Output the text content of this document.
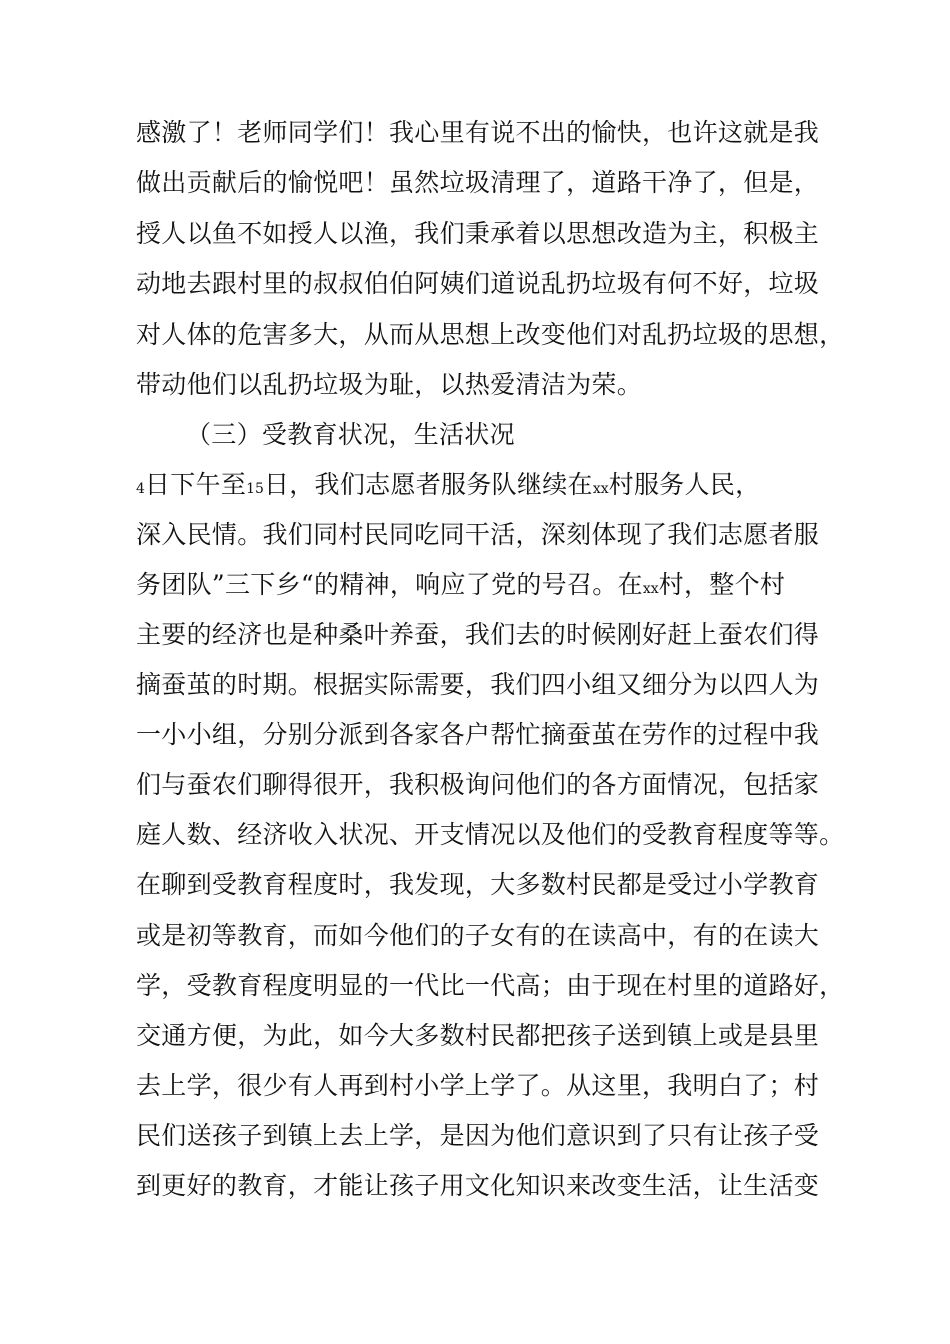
感激了！老师同学们！我心里有说不出的愉快，也许这就是我
做出贡献后的愉悦吧！虽然垃圾清理了，道路干净了，但是，
授人以鱼不如授人以渔，我们秉承着以思想改造为主，积极主
动地去跟村里的叔叔伯伯阿姨们道说乱扔垃圾有何不好，垃圾
对人体的危害多大，从而从思想上改变他们对乱扔垃圾的思想，
带动他们以乱扔垃圾为耻，以热爱清洁为荣。
（三）受教育状况，生活状况
4日下午至15日，我们志愿者服务队继续在xx村服务人民，
深入民情。我们同村民同吃同干活，深刻体现了我们志愿者服
务团队”三下乡“的精神，响应了党的号召。在xx村，整个村
主要的经济也是种桑叶养蚕，我们去的时候刚好赶上蚕农们得
摘蚕茧的时期。根据实际需要，我们四小组又细分为以四人为
一小小组，分别分派到各家各户帮忙摘蚕茧在劳作的过程中我
们与蚕农们聊得很开，我积极询问他们的各方面情况，包括家
庭人数、经济收入状况、开支情况以及他们的受教育程度等等。
在聊到受教育程度时，我发现，大多数村民都是受过小学教育
或是初等教育，而如今他们的子女有的在读高中，有的在读大
学，受教育程度明显的一代比一代高；由于现在村里的道路好，
交通方便，为此，如今大多数村民都把孩子送到镇上或是县里
去上学，很少有人再到村小学上学了。从这里，我明白了；村
民们送孩子到镇上去上学，是因为他们意识到了只有让孩子受
到更好的教育，才能让孩子用文化知识来改变生活，让生活变
